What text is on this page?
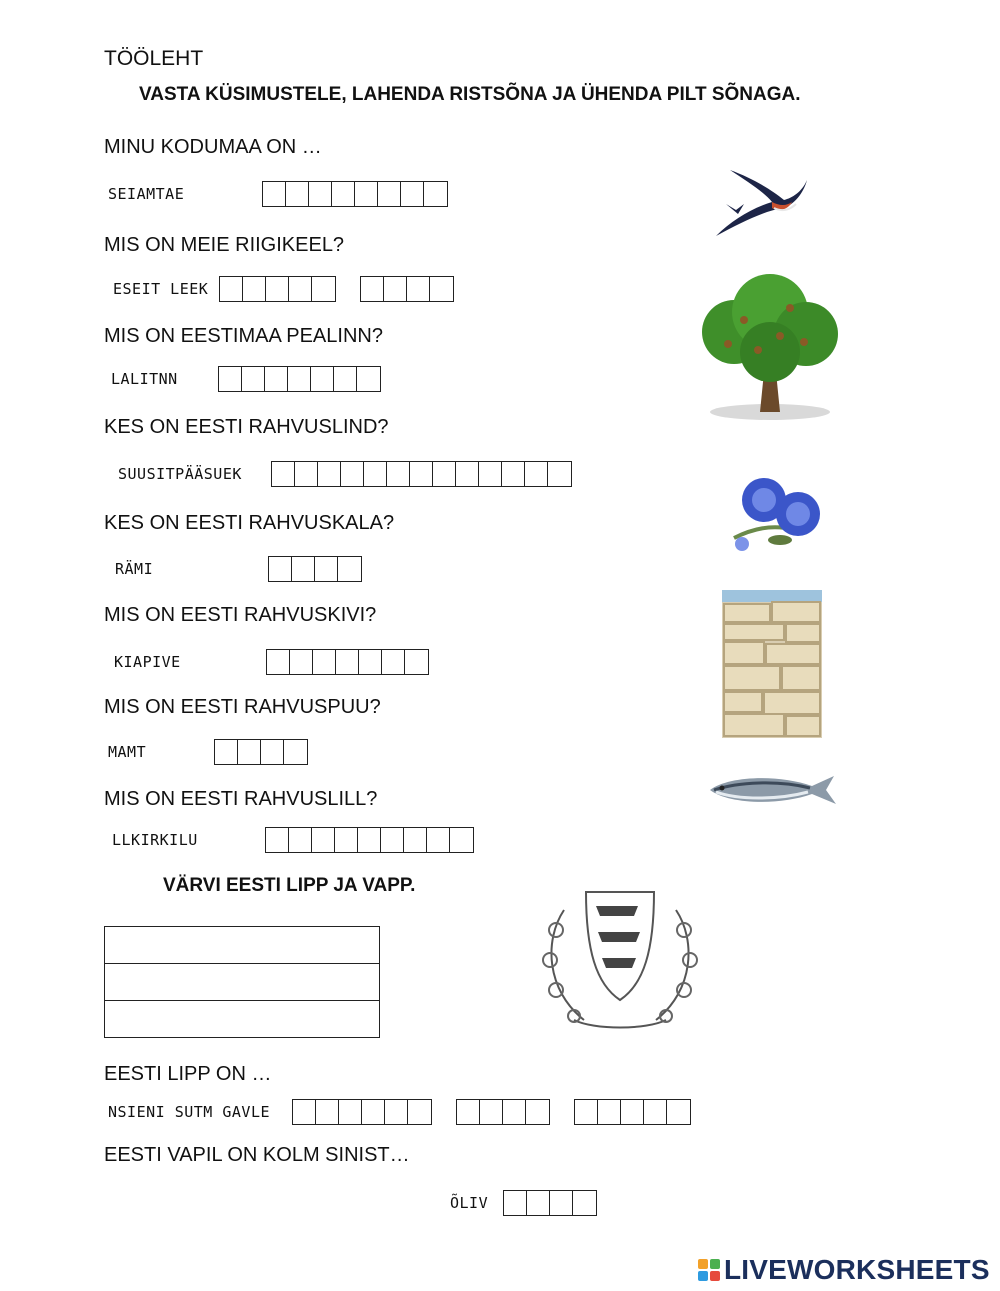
TÖÖLEHT
VASTA KÜSIMUSTELE, LAHENDA RISTSÕNA JA ÜHENDA PILT SÕNAGA.
MINU KODUMAA ON …
SEIAMTAE
MIS ON MEIE RIIGIKEEL?
ESEIT LEEK
MIS ON EESTIMAA PEALINN?
LALITNN
KES ON EESTI RAHVUSLIND?
SUUSITPÄÄSUEK
KES ON EESTI RAHVUSKALA?
RÄMI
MIS ON EESTI RAHVUSKIVI?
KIAPIVE
MIS ON EESTI RAHVUSPUU?
MAMT
MIS ON EESTI RAHVUSLILL?
LLKIRKILU
VÄRVI EESTI LIPP JA VAPP.
EESTI LIPP ON …
NSIENI SUTM GAVLE
EESTI VAPIL ON KOLM SINIST…
ÕLIV
LIVEWORKSHEETS
